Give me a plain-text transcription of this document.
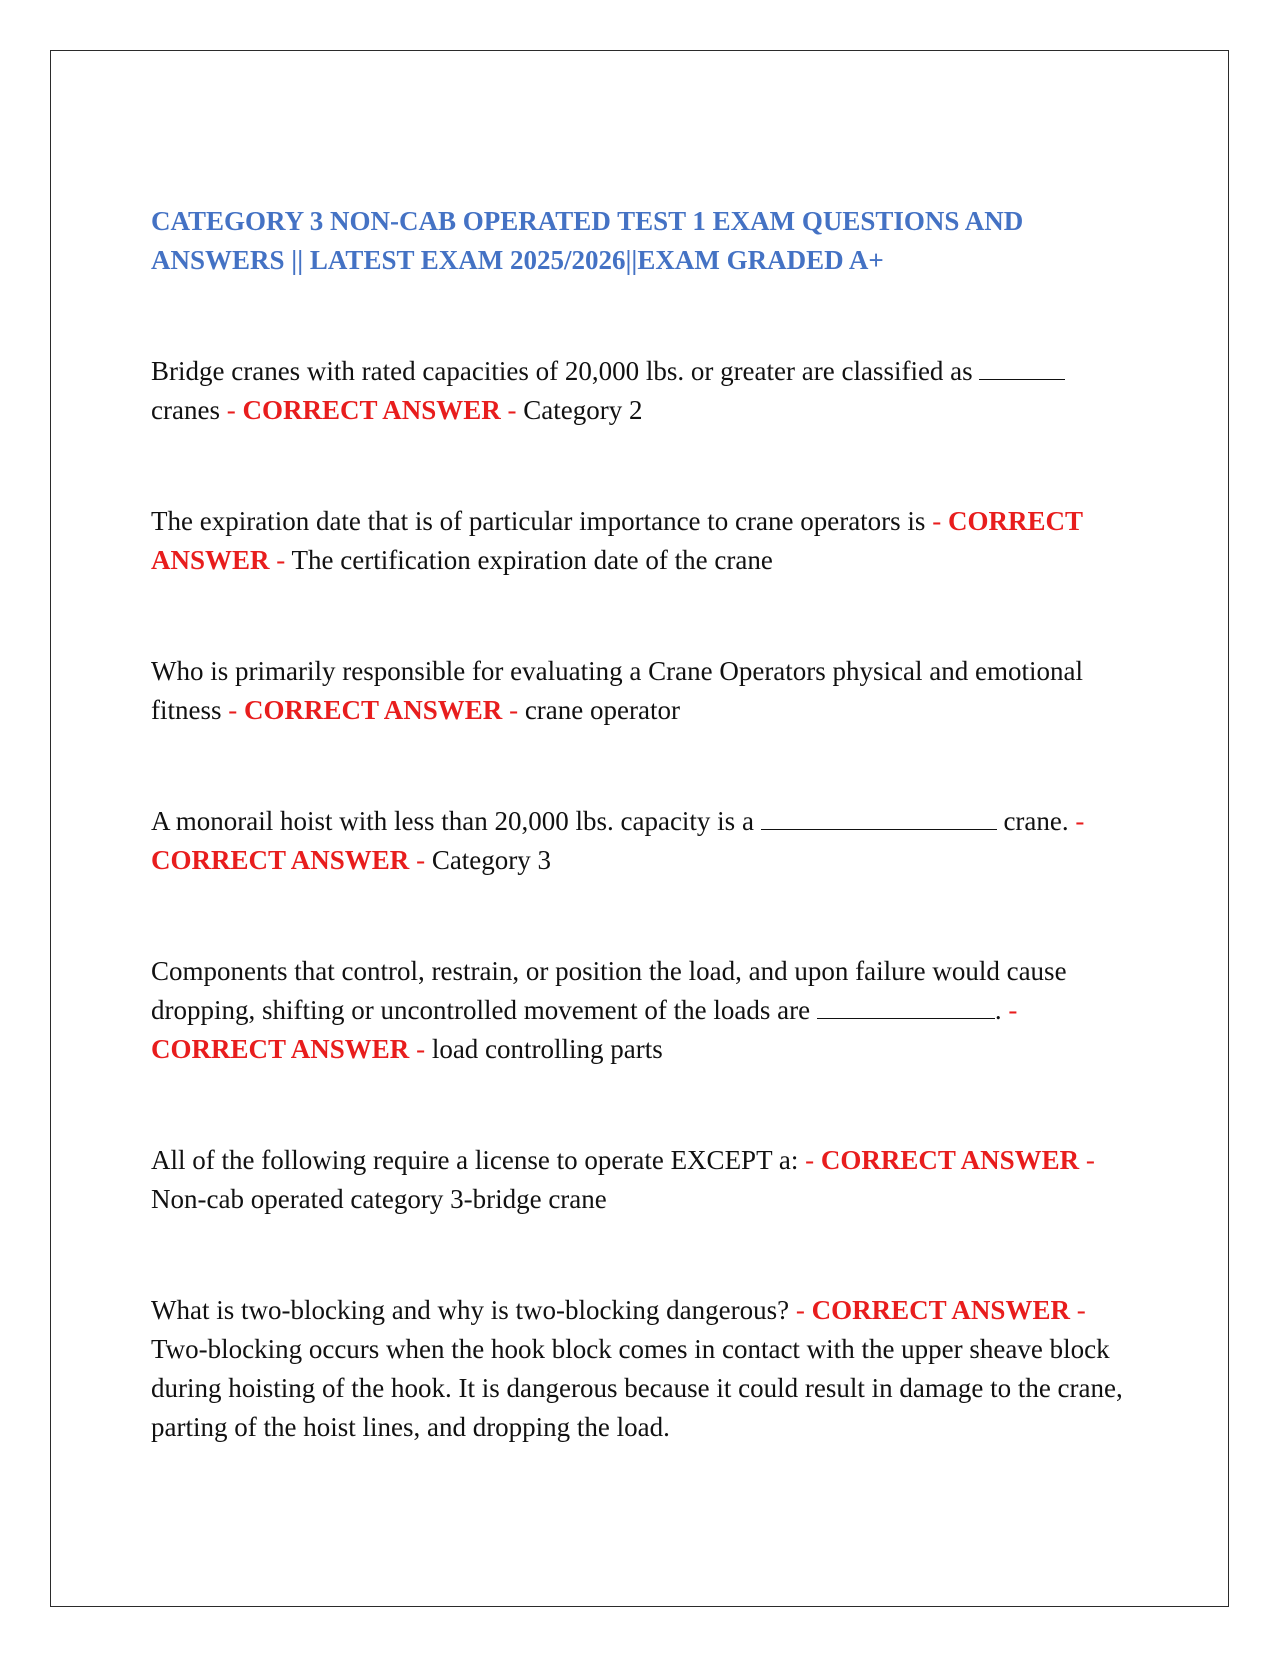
CATEGORY 3 NON-CAB OPERATED TEST 1 EXAM QUESTIONS AND ANSWERS || LATEST EXAM 2025/2026||EXAM GRADED A+

Bridge cranes with rated capacities of 20,000 lbs. or greater are classified as  cranes - CORRECT ANSWER - Category 2

The expiration date that is of particular importance to crane operators is - CORRECT ANSWER - The certification expiration date of the crane

Who is primarily responsible for evaluating a Crane Operators physical and emotional fitness - CORRECT ANSWER - crane operator

A monorail hoist with less than 20,000 lbs. capacity is a	crane. - CORRECT ANSWER - Category 3

Components that control, restrain, or position the load, and upon failure would cause dropping, shifting or uncontrolled movement of the loads are	. - CORRECT ANSWER - load controlling parts

All of the following require a license to operate EXCEPT a: - CORRECT ANSWER - Non-cab operated category 3-bridge crane

What is two-blocking and why is two-blocking dangerous? - CORRECT ANSWER - Two-blocking occurs when the hook block comes in contact with the upper sheave block during hoisting of the hook. It is dangerous because it could result in damage to the crane, parting of the hoist lines, and dropping the load.
